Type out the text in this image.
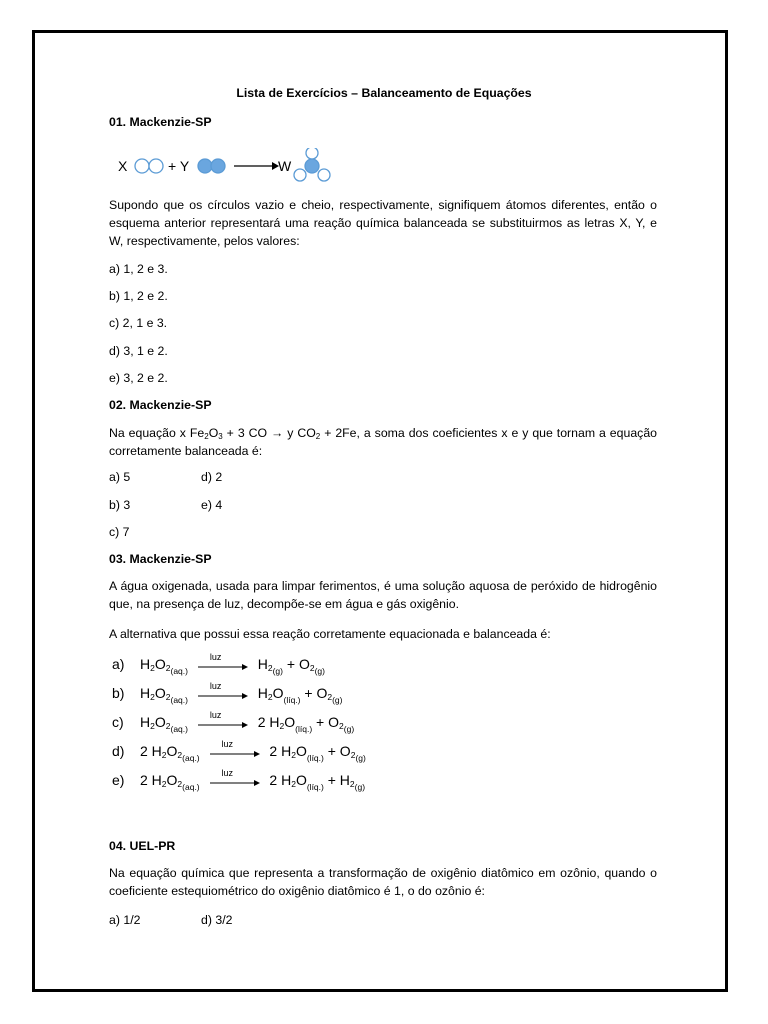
Lista de Exercícios – Balanceamento de Equações
01. Mackenzie-SP
X	+ Y	W
Supondo que os círculos vazio e cheio, respectivamente, signifiquem átomos diferentes, então o esquema anterior representará uma reação química balanceada se substituirmos as letras X, Y, e W, respectivamente, pelos valores:
a) 1, 2 e 3.
b) 1, 2 e 2.
c) 2, 1 e 3.
d) 3, 1 e 2.
e) 3, 2 e 2.
02. Mackenzie-SP
Na equação x $Fe_2O_3 + 3$ CO → y $CO_2 + 2Fe$, a soma dos coeficientes x e y que tornam a equação corretamente balanceada é:
a) 5	d) 2
b) 3	e) 4
c) 7
03. Mackenzie-SP
A água oxigenada, usada para limpar ferimentos, é uma solução aquosa de peróxido de hidrogênio que, na presença de luz, decompõe-se em água e gás oxigênio.
A alternativa que possui essa reação corretamente equacionada e balanceada é:
a) $H_2O_{2(aq.)}$
luz $H_{2(g)} + O_{2(g)}$
b) $H_2O_{2(aq.)}$
luz $H_2O_{(líq.)} + O_{2(g)}$
c) $H_2O_{2(aq.)}$
luz 2 $H_2O_{(líq.)} + O_{2(g)}$
d) 2 $H_2O_{2(aq.)}$
luz 2 $H_2O_{(líq.)} + O_{2(g)}$
e) 2 $H_2O_{2(aq.)}$
luz 2 $H_2O_{(líq.)} + H_{2(g)}$
04. UEL-PR
Na equação química que representa a transformação de oxigênio diatômico em ozônio, quando o coeficiente estequiométrico do oxigênio diatômico é 1, o do ozônio é:
a) 1/2	d) 3/2
